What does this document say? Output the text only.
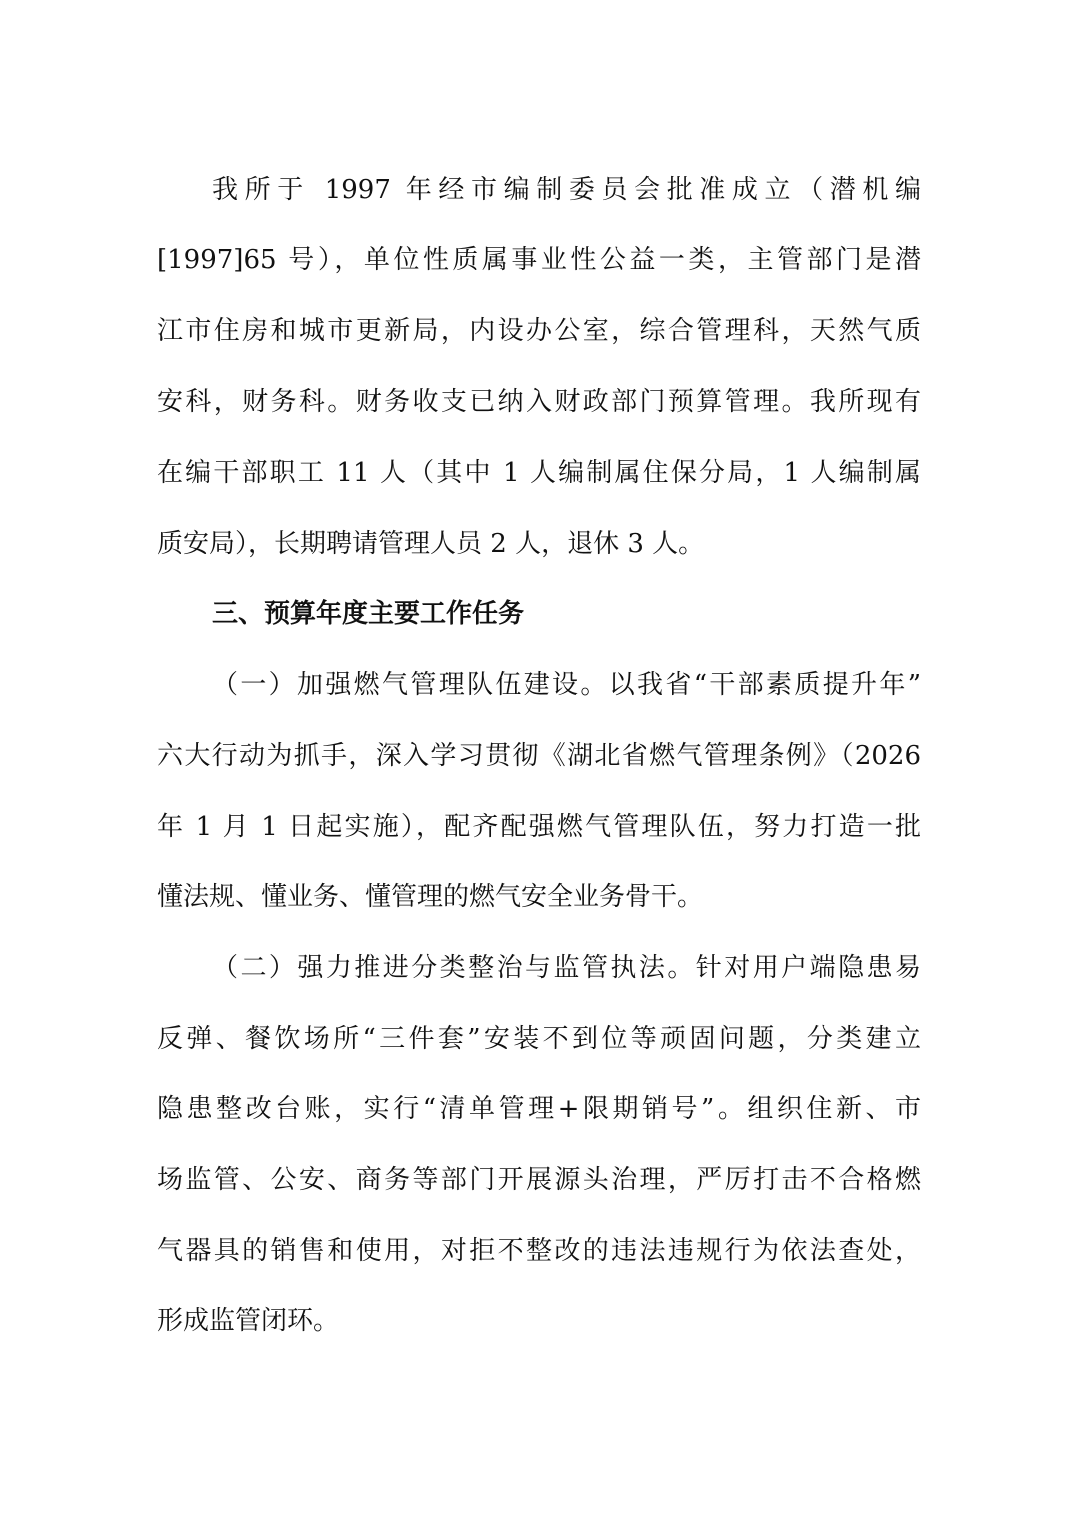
我所于 1997 年经市编制委员会批准成立（潜机编
[1997]65 号），单位性质属事业性公益一类，主管部门是潜
江市住房和城市更新局，内设办公室，综合管理科，天然气质
安科，财务科。财务收支已纳入财政部门预算管理。我所现有
在编干部职工 11 人（其中 1 人编制属住保分局，1 人编制属
质安局），长期聘请管理人员 2 人，退休 3 人。
三、预算年度主要工作任务
（一）加强燃气管理队伍建设。以我省“干部素质提升年”
六大行动为抓手，深入学习贯彻《湖北省燃气管理条例》（2026
年 1 月 1 日起实施），配齐配强燃气管理队伍，努力打造一批
懂法规、懂业务、懂管理的燃气安全业务骨干。
（二）强力推进分类整治与监管执法。针对用户端隐患易
反弹、餐饮场所“三件套”安装不到位等顽固问题，分类建立
隐患整改台账，实行“清单管理+限期销号”。组织住新、市
场监管、公安、商务等部门开展源头治理，严厉打击不合格燃
气器具的销售和使用，对拒不整改的违法违规行为依法查处，
形成监管闭环。
